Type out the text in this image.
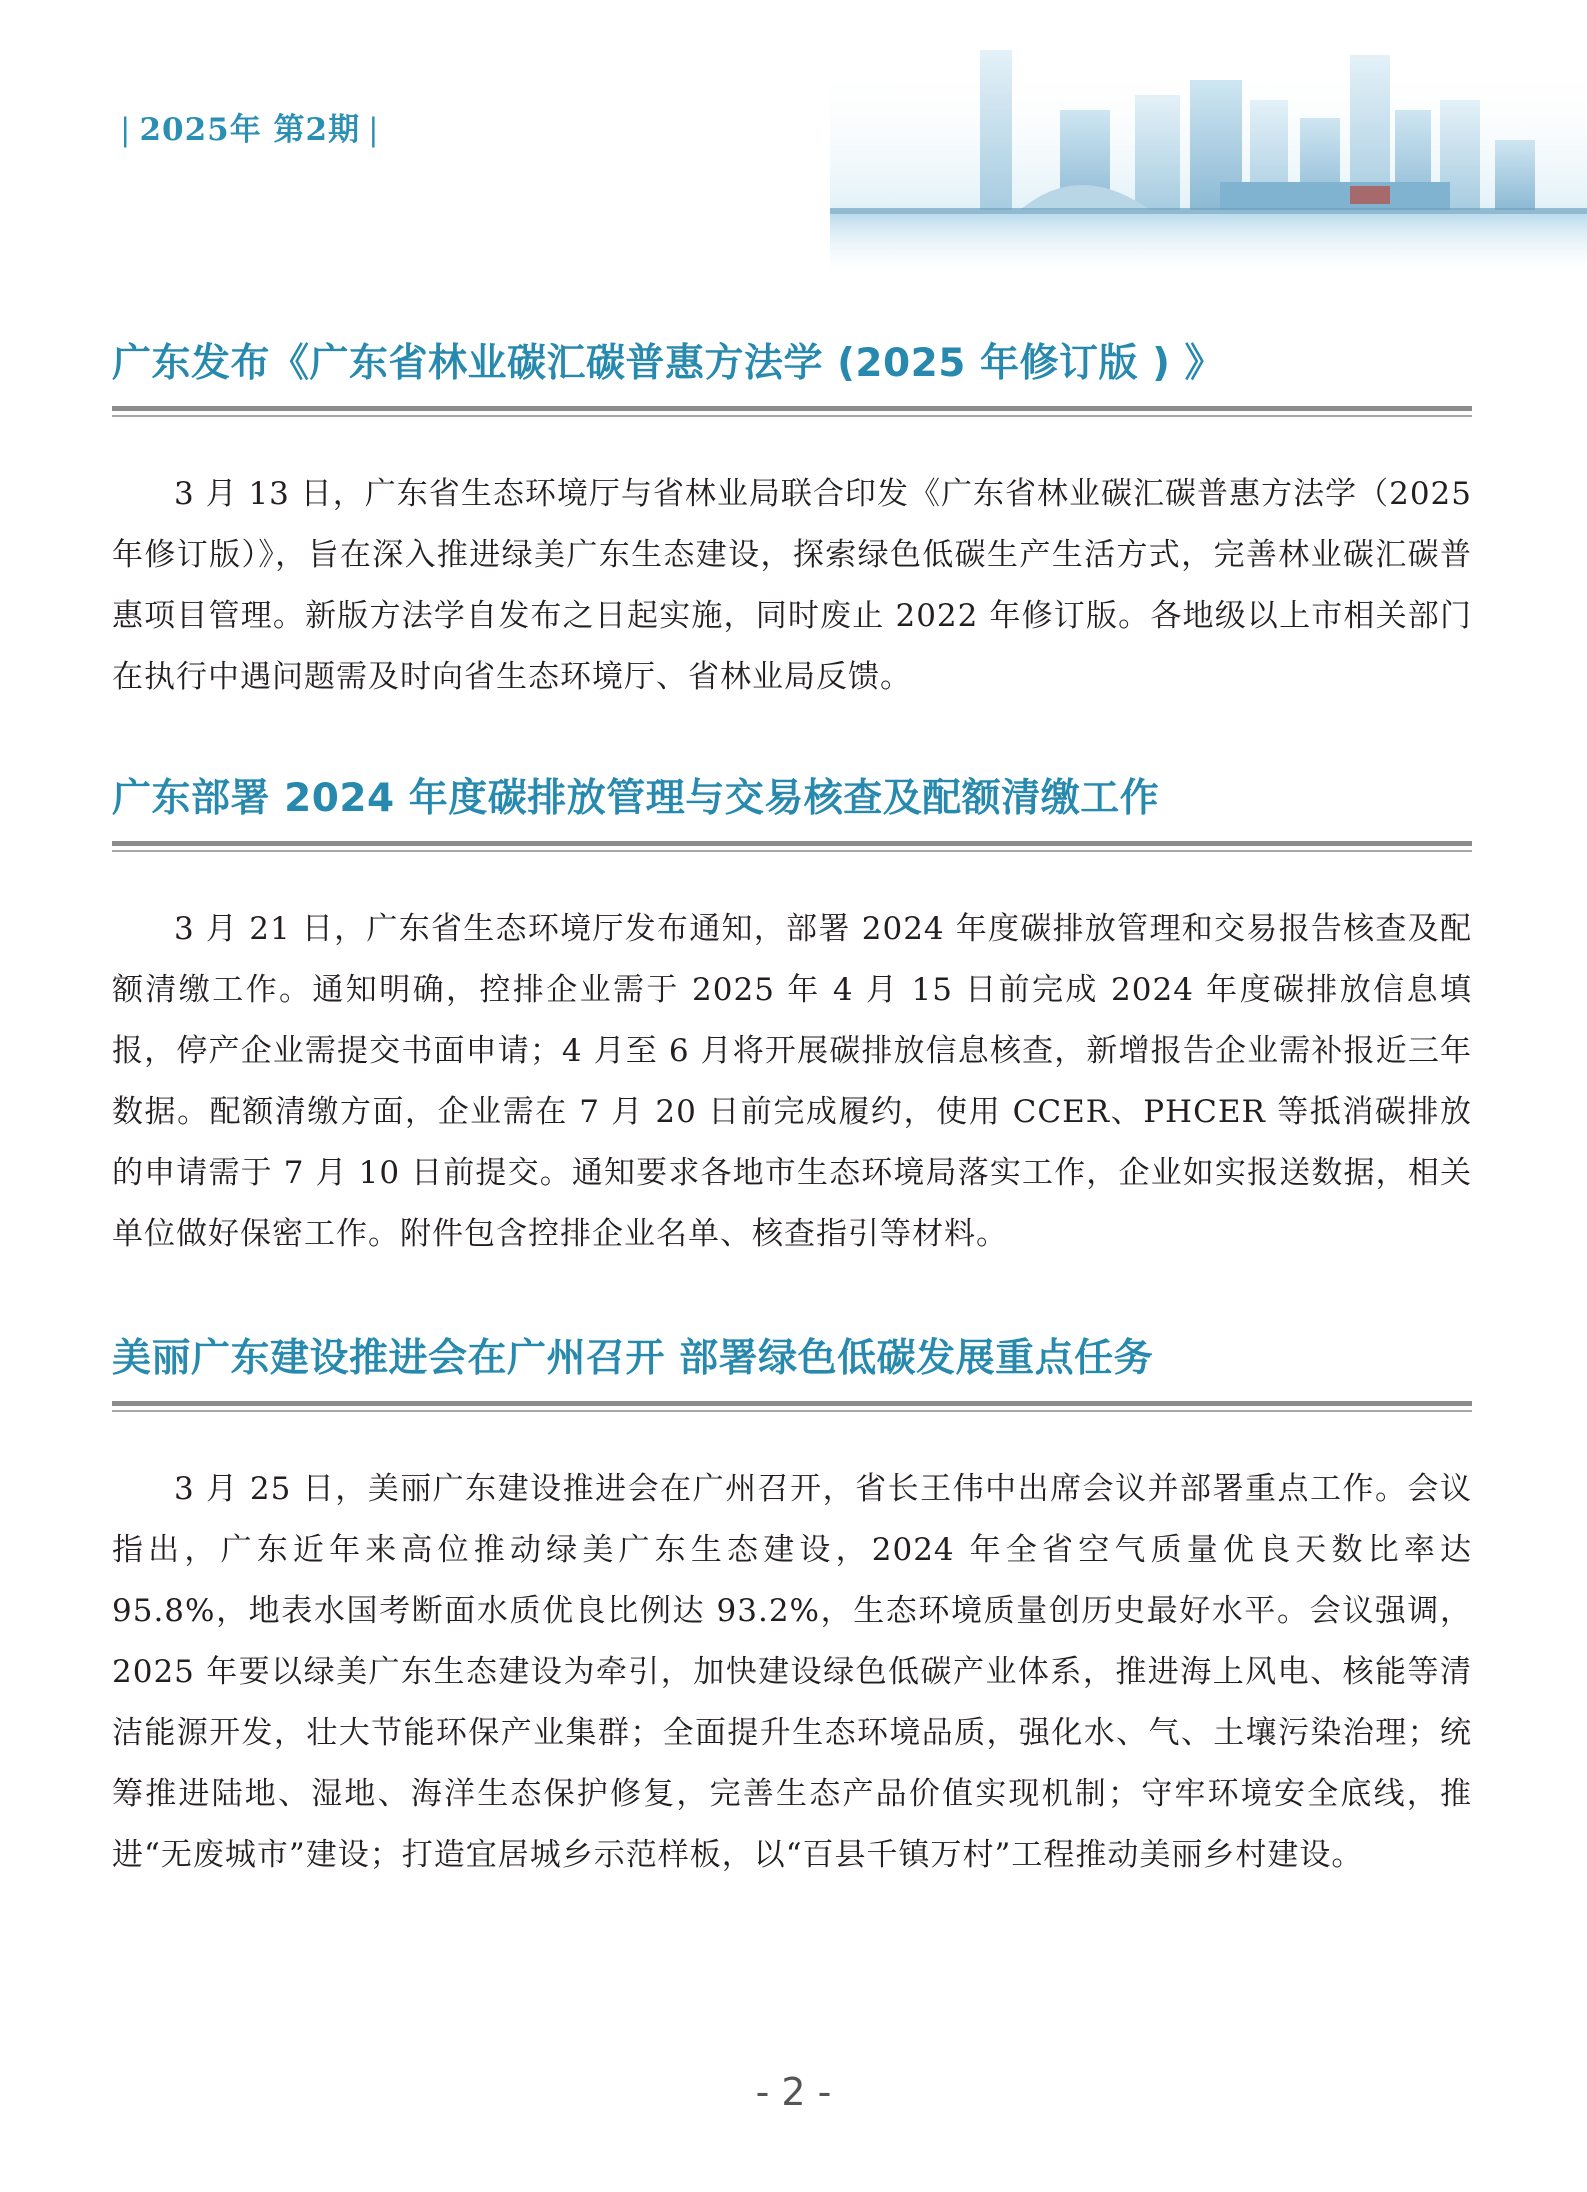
| 2025年 第2期 |
广东发布《广东省林业碳汇碳普惠方法学 (2025 年修订版 ) 》

3 月 13 日，广东省生态环境厅与省林业局联合印发《广东省林业碳汇碳普惠方法学（2025 年修订版）》，旨在深入推进绿美广东生态建设，探索绿色低碳生产生活方式，完善林业碳汇碳普惠项目管理。新版方法学自发布之日起实施，同时废止 2022 年修订版。各地级以上市相关部门在执行中遇问题需及时向省生态环境厅、省林业局反馈。

广东部署 2024 年度碳排放管理与交易核查及配额清缴工作

3 月 21 日，广东省生态环境厅发布通知，部署 2024 年度碳排放管理和交易报告核查及配额清缴工作。通知明确，控排企业需于 2025 年 4 月 15 日前完成 2024 年度碳排放信息填报，停产企业需提交书面申请；4 月至 6 月将开展碳排放信息核查，新增报告企业需补报近三年数据。配额清缴方面，企业需在 7 月 20 日前完成履约，使用 CCER、PHCER 等抵消碳排放的申请需于 7 月 10 日前提交。通知要求各地市生态环境局落实工作，企业如实报送数据，相关单位做好保密工作。附件包含控排企业名单、核查指引等材料。

美丽广东建设推进会在广州召开 部署绿色低碳发展重点任务

3 月 25 日，美丽广东建设推进会在广州召开，省长王伟中出席会议并部署重点工作。会议指出，广东近年来高位推动绿美广东生态建设，2024 年全省空气质量优良天数比率达 95.8%，地表水国考断面水质优良比例达 93.2%，生态环境质量创历史最好水平。会议强调，2025 年要以绿美广东生态建设为牵引，加快建设绿色低碳产业体系，推进海上风电、核能等清洁能源开发，壮大节能环保产业集群；全面提升生态环境品质，强化水、气、土壤污染治理；统筹推进陆地、湿地、海洋生态保护修复，完善生态产品价值实现机制；守牢环境安全底线，推进“无废城市”建设；打造宜居城乡示范样板，以“百县千镇万村”工程推动美丽乡村建设。

- 2 -
